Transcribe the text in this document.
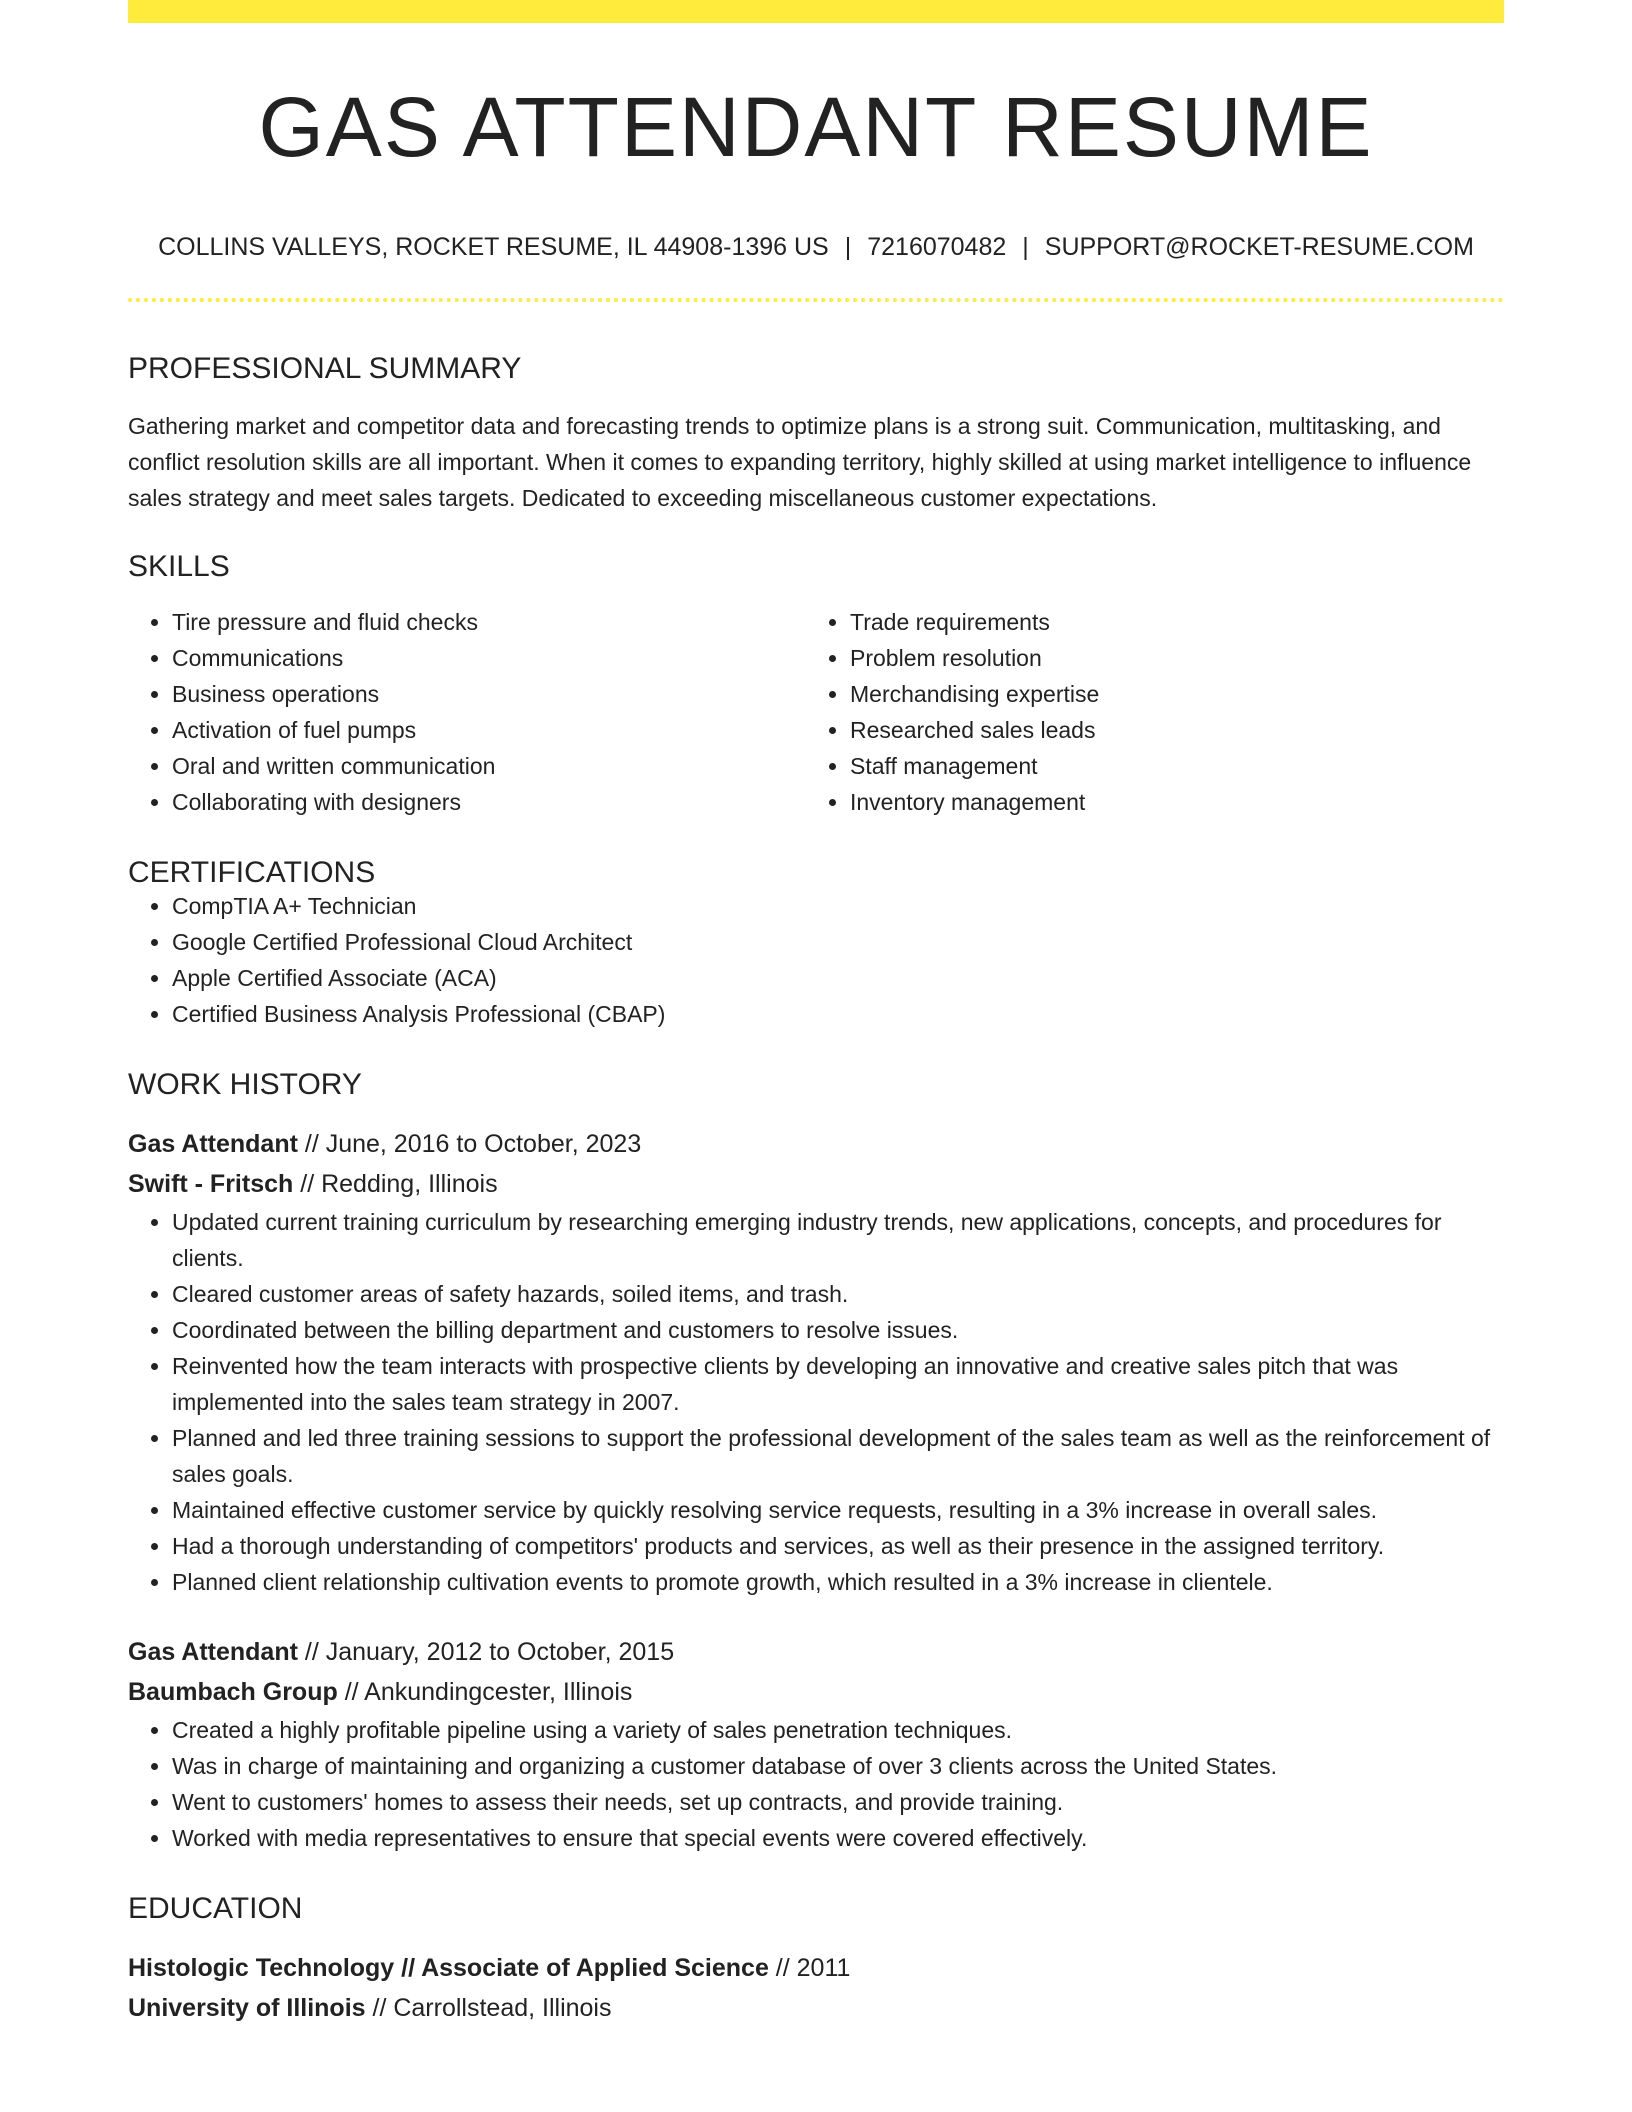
GAS ATTENDANT RESUME
COLLINS VALLEYS, ROCKET RESUME, IL 44908-1396 US | 7216070482 | SUPPORT@ROCKET-RESUME.COM
PROFESSIONAL SUMMARY
Gathering market and competitor data and forecasting trends to optimize plans is a strong suit. Communication, multitasking, and conflict resolution skills are all important. When it comes to expanding territory, highly skilled at using market intelligence to influence sales strategy and meet sales targets. Dedicated to exceeding miscellaneous customer expectations.
SKILLS
• Tire pressure and fluid checks
• Communications
• Business operations
• Activation of fuel pumps
• Oral and written communication
• Collaborating with designers
• Trade requirements
• Problem resolution
• Merchandising expertise
• Researched sales leads
• Staff management
• Inventory management
CERTIFICATIONS
• CompTIA A+ Technician
• Google Certified Professional Cloud Architect
• Apple Certified Associate (ACA)
• Certified Business Analysis Professional (CBAP)
WORK HISTORY
Gas Attendant // June, 2016 to October, 2023
Swift - Fritsch // Redding, Illinois
• Updated current training curriculum by researching emerging industry trends, new applications, concepts, and procedures for clients.
• Cleared customer areas of safety hazards, soiled items, and trash.
• Coordinated between the billing department and customers to resolve issues.
• Reinvented how the team interacts with prospective clients by developing an innovative and creative sales pitch that was implemented into the sales team strategy in 2007.
• Planned and led three training sessions to support the professional development of the sales team as well as the reinforcement of sales goals.
• Maintained effective customer service by quickly resolving service requests, resulting in a 3% increase in overall sales.
• Had a thorough understanding of competitors' products and services, as well as their presence in the assigned territory.
• Planned client relationship cultivation events to promote growth, which resulted in a 3% increase in clientele.
Gas Attendant // January, 2012 to October, 2015
Baumbach Group // Ankundingcester, Illinois
• Created a highly profitable pipeline using a variety of sales penetration techniques.
• Was in charge of maintaining and organizing a customer database of over 3 clients across the United States.
• Went to customers' homes to assess their needs, set up contracts, and provide training.
• Worked with media representatives to ensure that special events were covered effectively.
EDUCATION
Histologic Technology // Associate of Applied Science // 2011
University of Illinois // Carrollstead, Illinois
